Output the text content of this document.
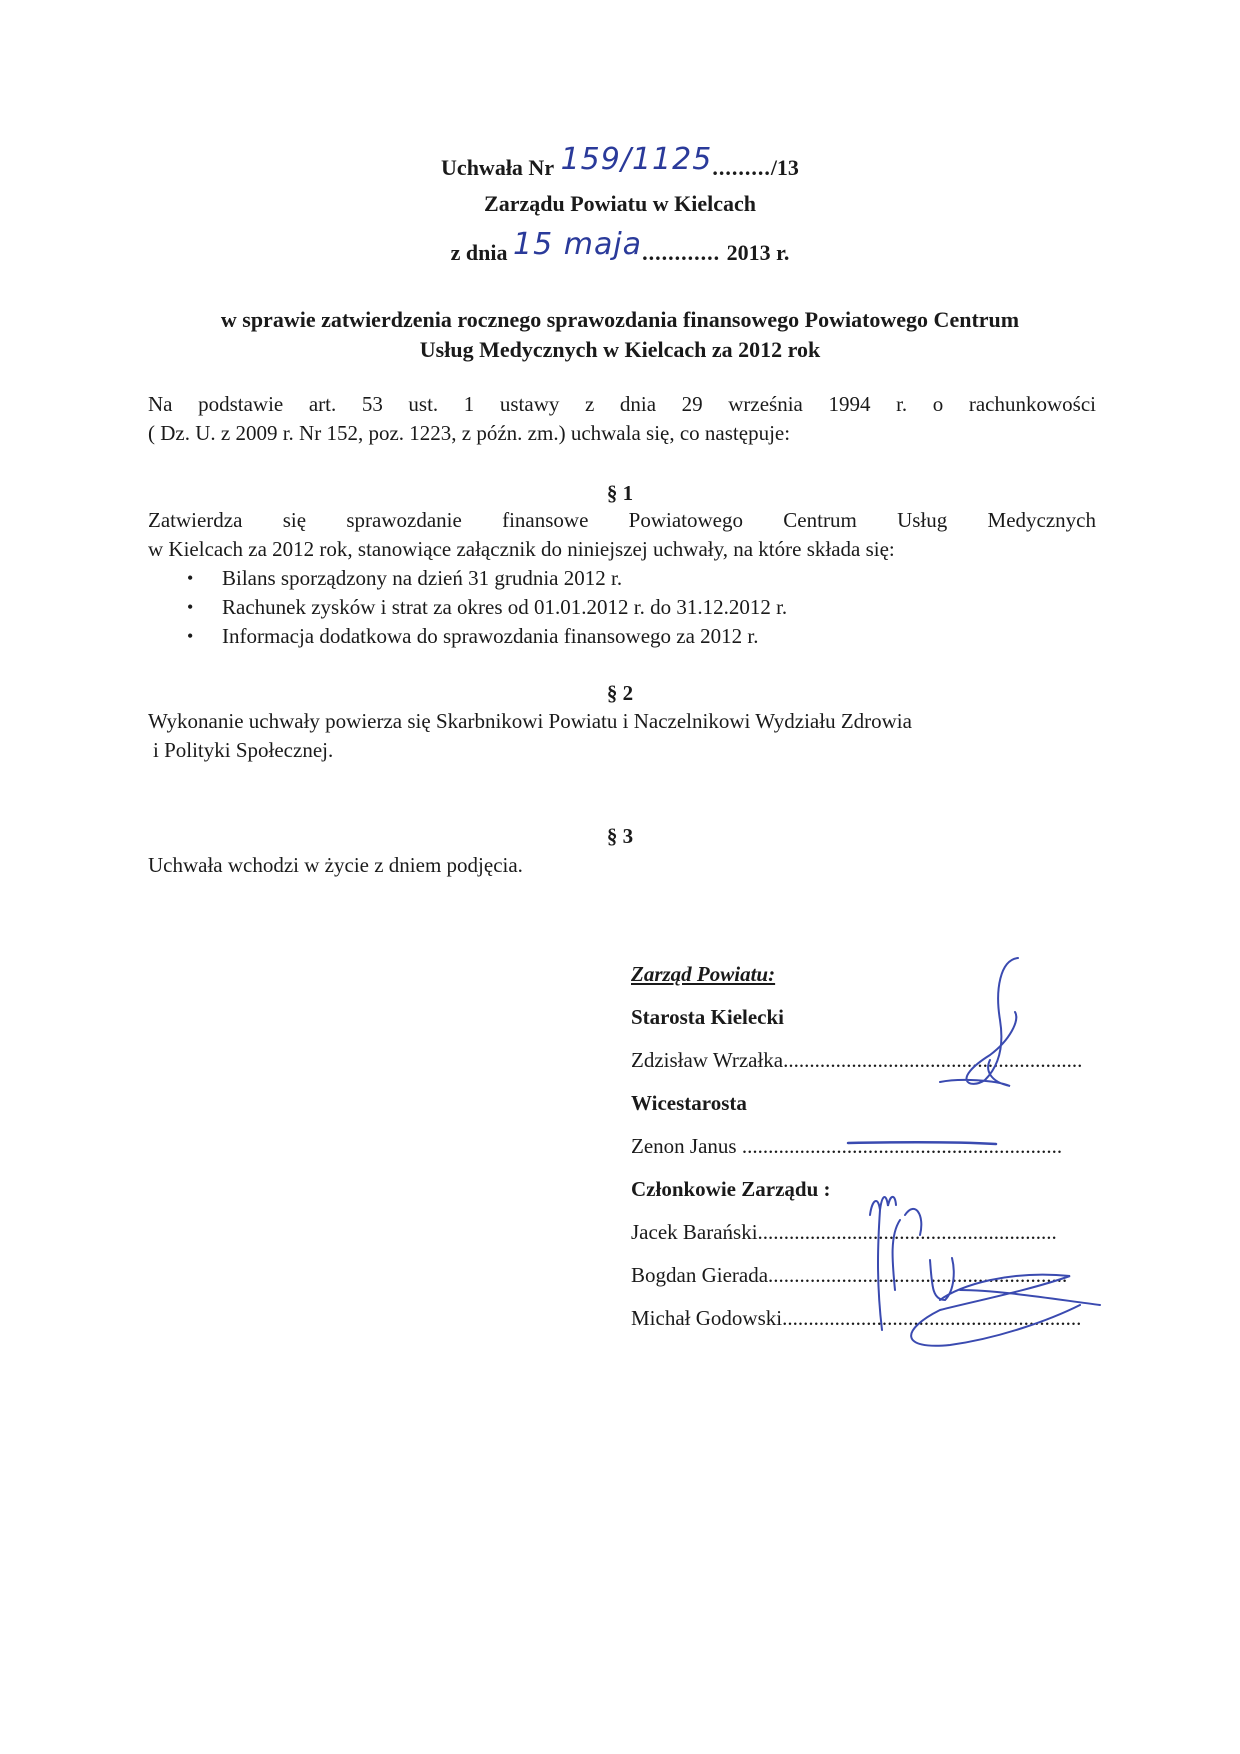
Uchwała Nr 159/1125........./13
Zarządu Powiatu w Kielcach
z dnia 15 maja............ 2013 r.
w sprawie zatwierdzenia rocznego sprawozdania finansowego Powiatowego Centrum
Usług Medycznych w Kielcach za 2012 rok
Na podstawie art. 53 ust. 1 ustawy z dnia 29 września 1994 r. o rachunkowości
( Dz. U. z 2009 r. Nr 152, poz. 1223, z późn. zm.) uchwala się, co następuje:
§ 1
Zatwierdza się sprawozdanie finansowe Powiatowego Centrum Usług Medycznych
w Kielcach za 2012 rok, stanowiące załącznik do niniejszej uchwały, na które składa się:
• Bilans sporządzony na dzień 31 grudnia 2012 r.
• Rachunek zysków i strat za okres od 01.01.2012 r. do 31.12.2012 r.
• Informacja dodatkowa do sprawozdania finansowego za 2012 r.
§ 2
Wykonanie uchwały powierza się Skarbnikowi Powiatu i Naczelnikowi Wydziału Zdrowia
i Polityki Społecznej.
§ 3
Uchwała wchodzi w życie z dniem podjęcia.
Zarząd Powiatu:
Starosta Kielecki
Zdzisław Wrzałka.........................................................
Wicestarosta
Zenon Janus .............................................................
Członkowie Zarządu :
Jacek Barański.........................................................
Bogdan Gierada.........................................................
Michał Godowski.........................................................
